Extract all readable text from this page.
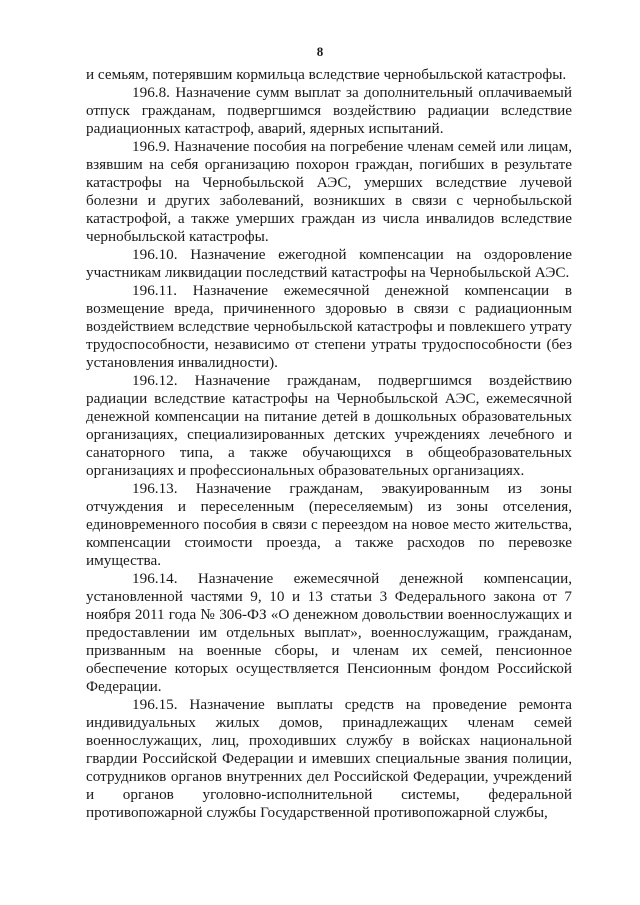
8

и семьям, потерявшим кормильца вследствие чернобыльской катастрофы.

196.8. Назначение сумм выплат за дополнительный оплачиваемый отпуск гражданам, подвергшимся воздействию радиации вследствие радиационных катастроф, аварий, ядерных испытаний.

196.9. Назначение пособия на погребение членам семей или лицам, взявшим на себя организацию похорон граждан, погибших в результате катастрофы на Чернобыльской АЭС, умерших вследствие лучевой болезни и других заболеваний, возникших в связи с чернобыльской катастрофой, а также умерших граждан из числа инвалидов вследствие чернобыльской катастрофы.

196.10. Назначение ежегодной компенсации на оздоровление участникам ликвидации последствий катастрофы на Чернобыльской АЭС.

196.11. Назначение ежемесячной денежной компенсации в возмещение вреда, причиненного здоровью в связи с радиационным воздействием вследствие чернобыльской катастрофы и повлекшего утрату трудоспособности, независимо от степени утраты трудоспособности (без установления инвалидности).

196.12. Назначение гражданам, подвергшимся воздействию радиации вследствие катастрофы на Чернобыльской АЭС, ежемесячной денежной компенсации на питание детей в дошкольных образовательных организациях, специализированных детских учреждениях лечебного и санаторного типа, а также обучающихся в общеобразовательных организациях и профессиональных образовательных организациях.

196.13. Назначение гражданам, эвакуированным из зоны отчуждения и переселенным (переселяемым) из зоны отселения, единовременного пособия в связи с переездом на новое место жительства, компенсации стоимости проезда, а также расходов по перевозке имущества.

196.14. Назначение ежемесячной денежной компенсации, установленной частями 9, 10 и 13 статьи 3 Федерального закона от 7 ноября 2011 года № 306-ФЗ «О денежном довольствии военнослужащих и предоставлении им отдельных выплат», военнослужащим, гражданам, призванным на военные сборы, и членам их семей, пенсионное обеспечение которых осуществляется Пенсионным фондом Российской Федерации.

196.15. Назначение выплаты средств на проведение ремонта индивидуальных жилых домов, принадлежащих членам семей военнослужащих, лиц, проходивших службу в войсках национальной гвардии Российской Федерации и имевших специальные звания полиции, сотрудников органов внутренних дел Российской Федерации, учреждений и органов уголовно-исполнительной системы, федеральной противопожарной службы Государственной противопожарной службы,
